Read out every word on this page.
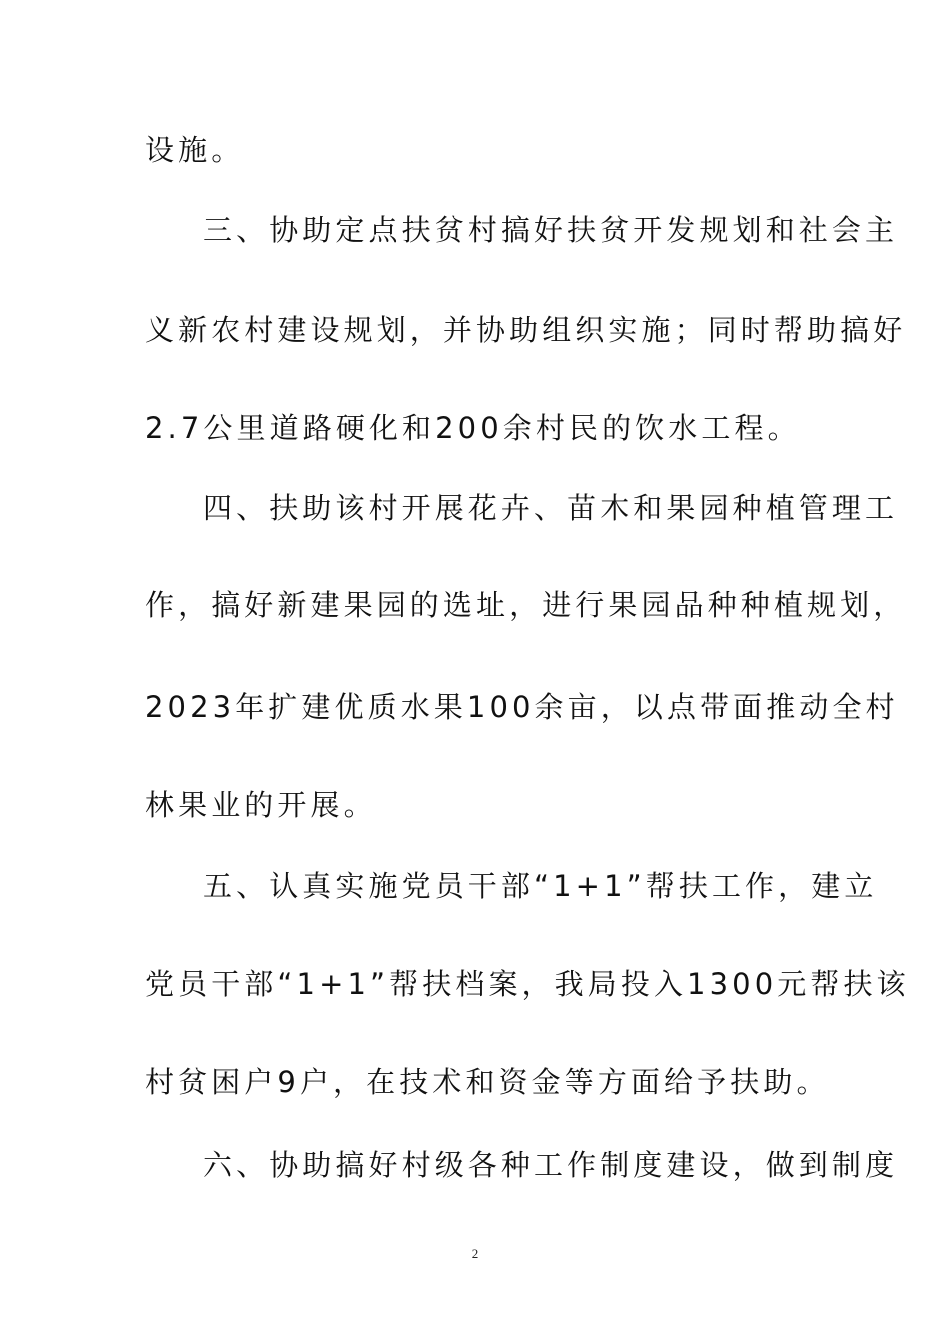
设施。
三、协助定点扶贫村搞好扶贫开发规划和社会主
义新农村建设规划，并协助组织实施；同时帮助搞好
2.7公里道路硬化和200余村民的饮水工程。
四、扶助该村开展花卉、苗木和果园种植管理工
作，搞好新建果园的选址，进行果园品种种植规划，
2023年扩建优质水果100余亩，以点带面推动全村
林果业的开展。
五、认真实施党员干部“1+1”帮扶工作，建立
党员干部“1+1”帮扶档案，我局投入1300元帮扶该
村贫困户9户，在技术和资金等方面给予扶助。
六、协助搞好村级各种工作制度建设，做到制度
2
